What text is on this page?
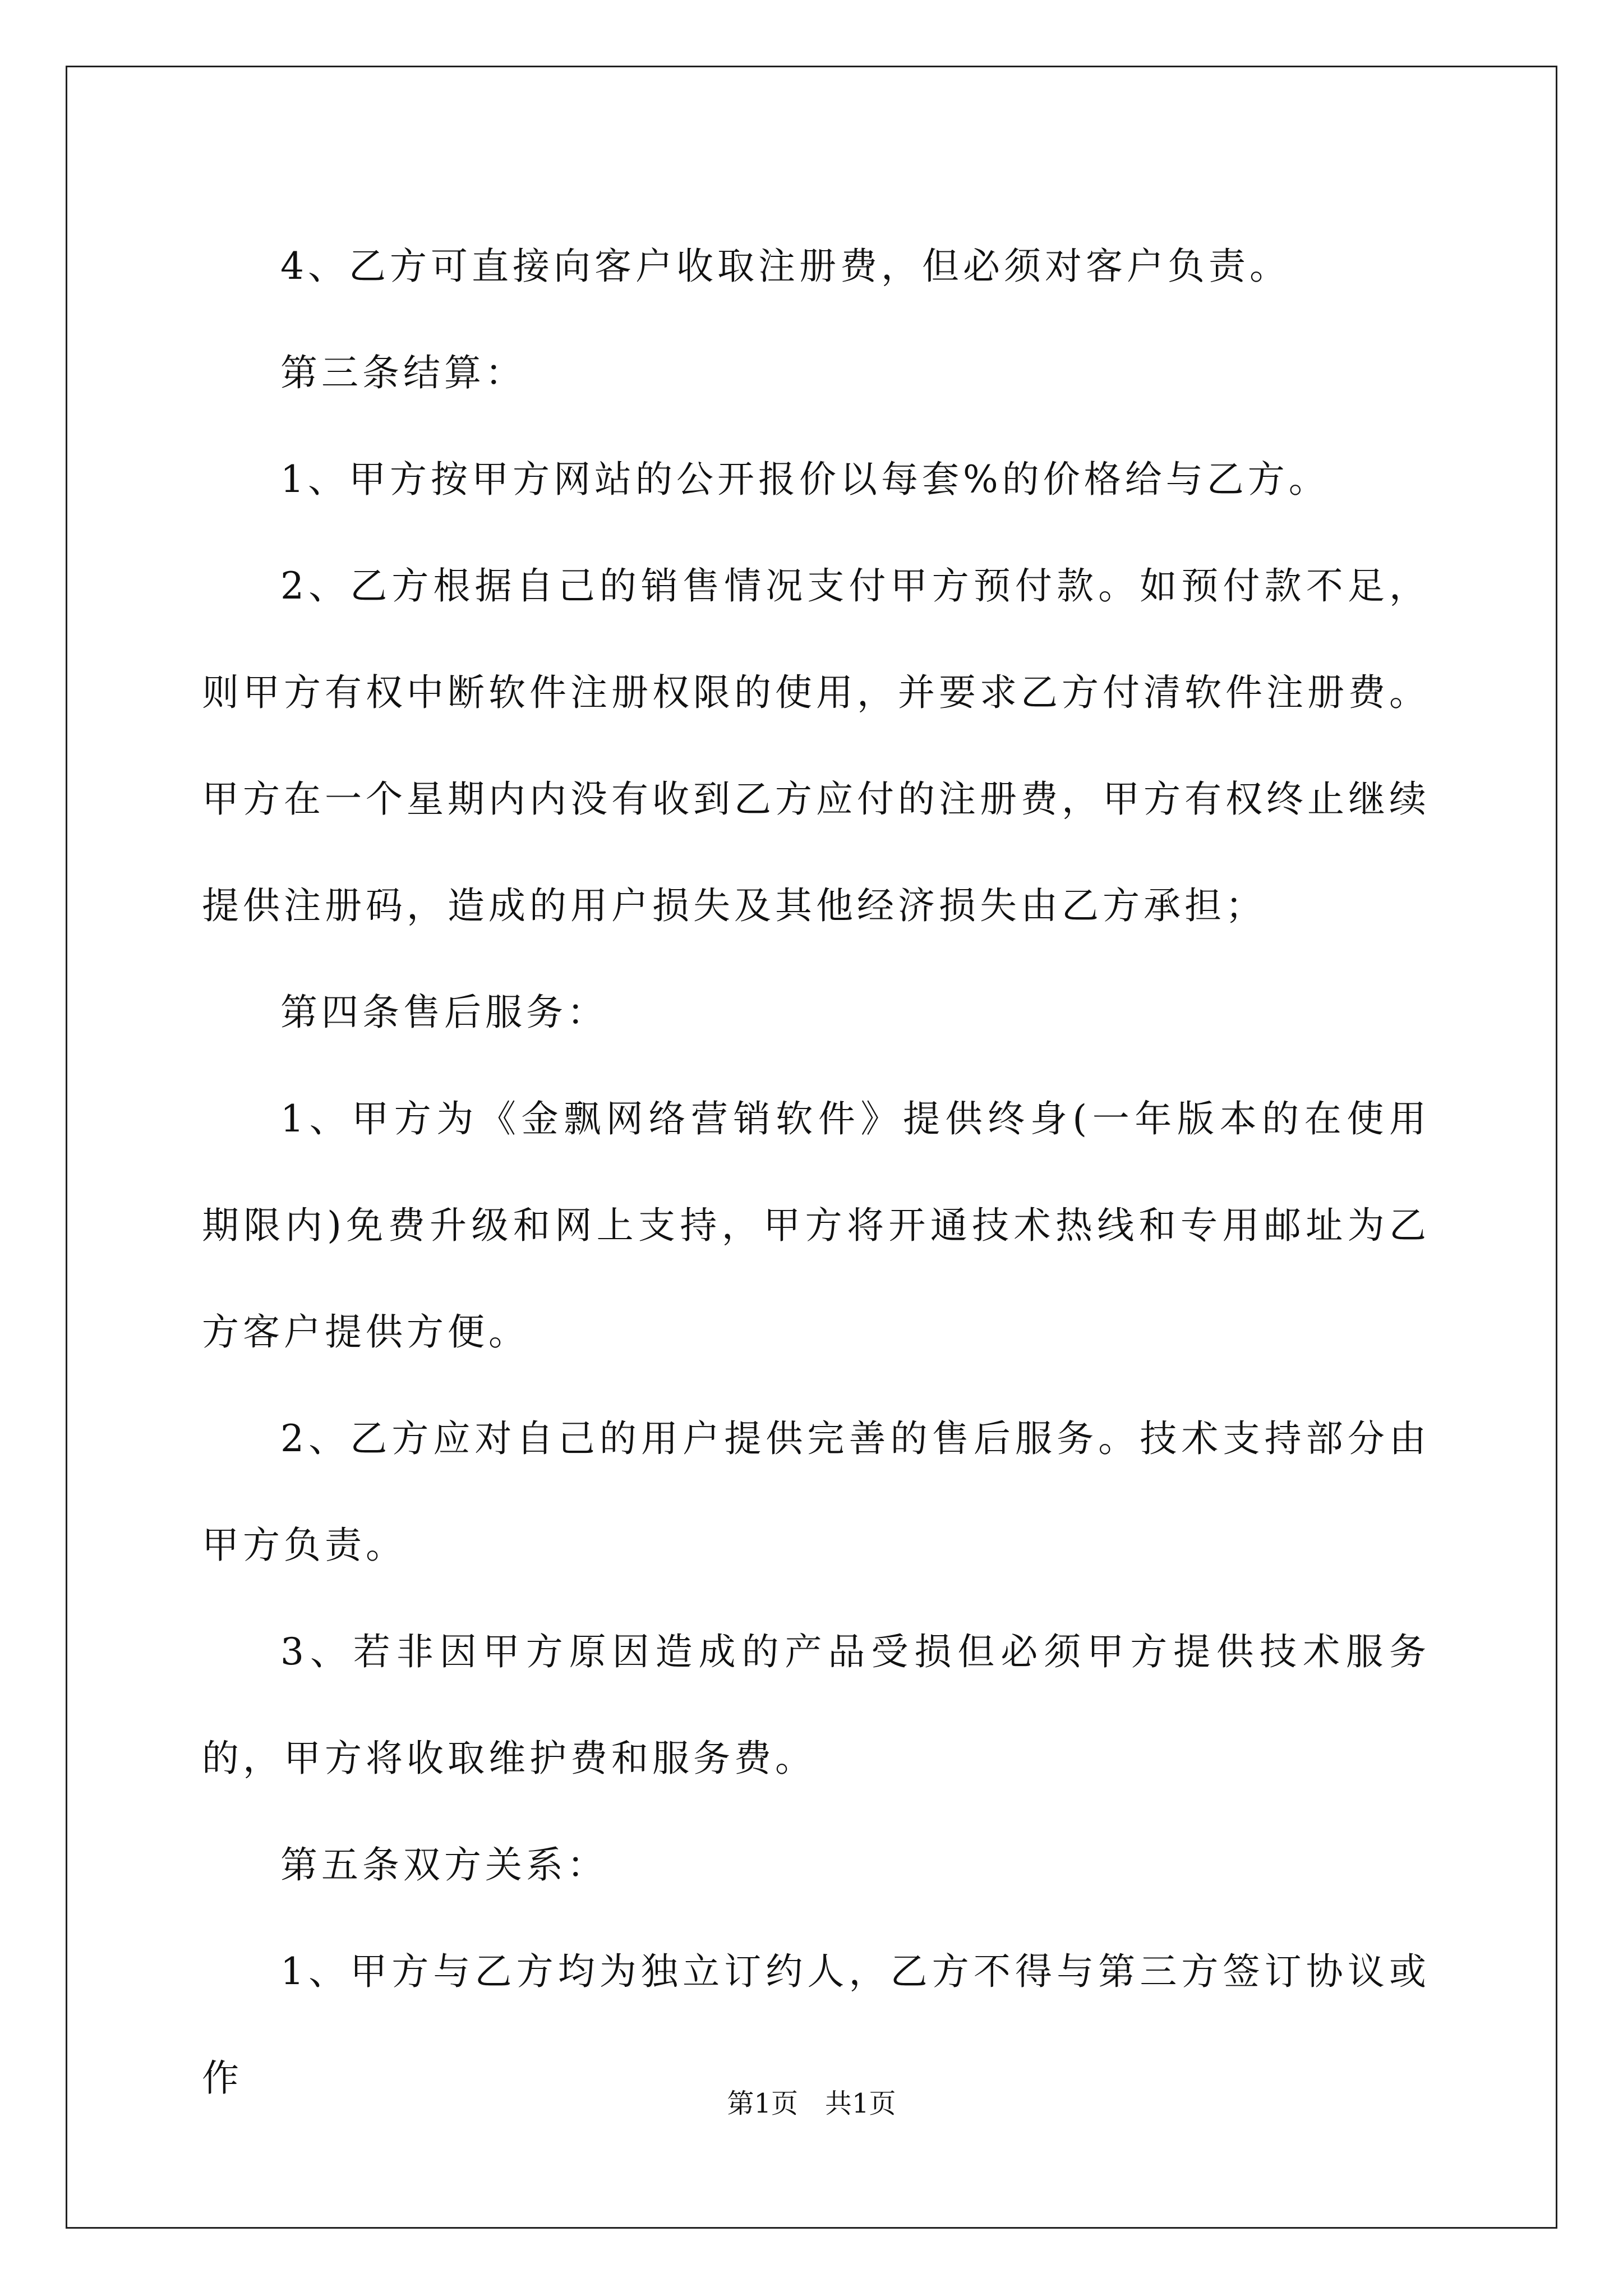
4、乙方可直接向客户收取注册费，但必须对客户负责。

第三条结算：

1、甲方按甲方网站的公开报价以每套%的价格给与乙方。

2、乙方根据自己的销售情况支付甲方预付款。如预付款不足，则甲方有权中断软件注册权限的使用，并要求乙方付清软件注册费。甲方在一个星期内内没有收到乙方应付的注册费，甲方有权终止继续提供注册码，造成的用户损失及其他经济损失由乙方承担；

第四条售后服务：

1、甲方为《金飘网络营销软件》提供终身(一年版本的在使用期限内)免费升级和网上支持，甲方将开通技术热线和专用邮址为乙方客户提供方便。

2、乙方应对自己的用户提供完善的售后服务。技术支持部分由甲方负责。

3、若非因甲方原因造成的产品受损但必须甲方提供技术服务的，甲方将收取维护费和服务费。

第五条双方关系：

1、甲方与乙方均为独立订约人，乙方不得与第三方签订协议或作

第1页　共1页
